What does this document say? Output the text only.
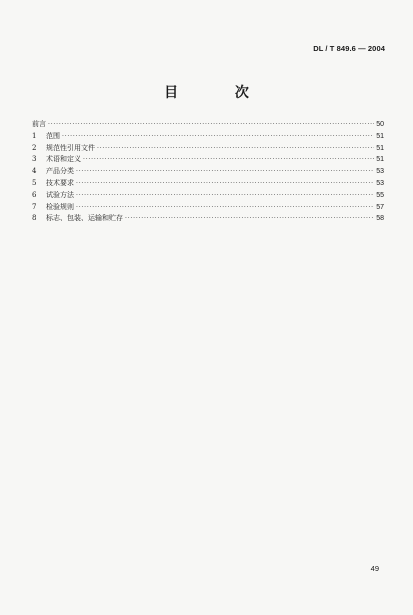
DL / T 849.6 — 2004
目 次
前言 ·····	50
1	范围 ·····	51
2	规范性引用文件 ·····	51
3	术语和定义 ·····	51
4	产品分类 ·····	53
5	技术要求 ·····	53
6	试验方法 ·····	55
7	检验规则 ·····	57
8	标志、包装、运输和贮存 ·····	58
49
